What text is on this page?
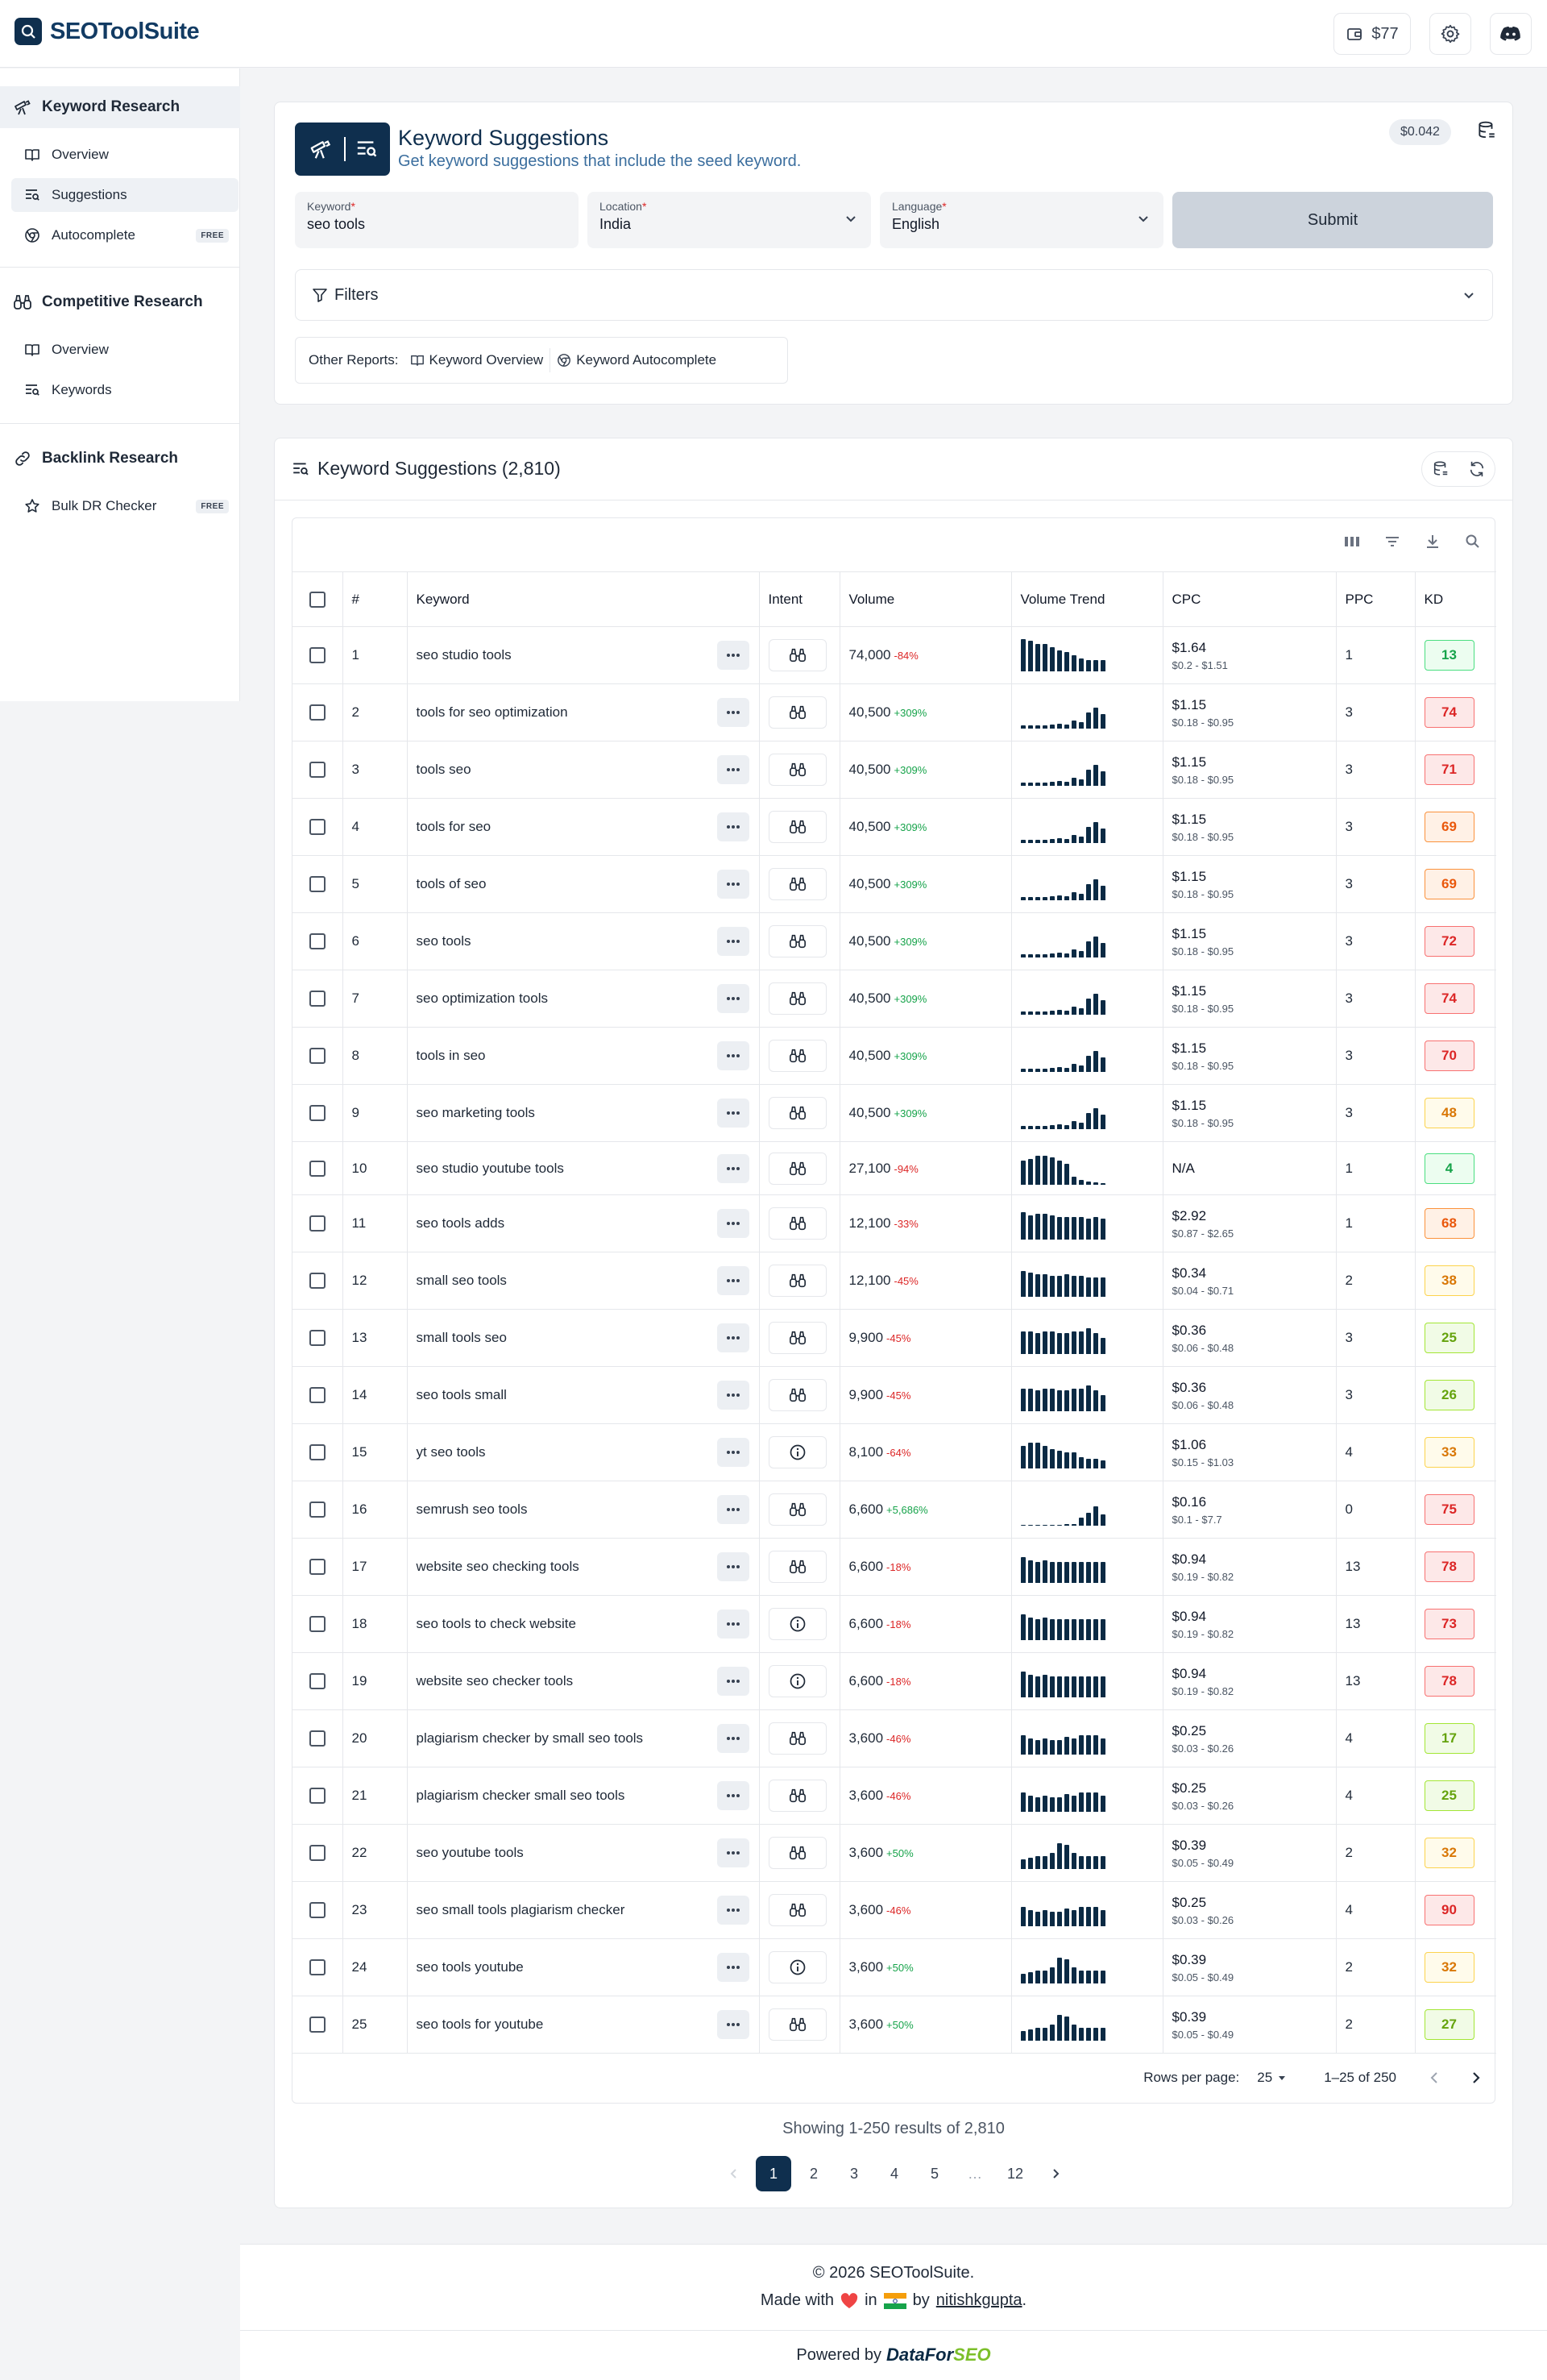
SEOToolSuite	$77
Keyword Research
Overview
Suggestions
Autocomplete	FREE
Competitive Research
Overview
Keywords
Backlink Research
Bulk DR Checker	FREE
Keyword Suggestions
Get keyword suggestions that include the seed keyword.
$0.042
Keyword*
seo tools
Location*
India
Language*
English	Submit
Filters
Other Reports: Keyword Overview Keyword Autocomplete
Keyword Suggestions (2,810)
	#	Keyword	Intent	Volume	Volume Trend	CPC	PPC	KD

	1	seo studio tools		74,000 -84%		$1.64
$0.2 - $1.51	1	13

	2	tools for seo optimization		40,500 +309%		$1.15
$0.18 - $0.95	3	74

	3	tools seo		40,500 +309%		$1.15
$0.18 - $0.95	3	71

	4	tools for seo		40,500 +309%		$1.15
$0.18 - $0.95	3	69

	5	tools of seo		40,500 +309%		$1.15
$0.18 - $0.95	3	69

	6	seo tools		40,500 +309%		$1.15
$0.18 - $0.95	3	72

	7	seo optimization tools		40,500 +309%		$1.15
$0.18 - $0.95	3	74

	8	tools in seo		40,500 +309%		$1.15
$0.18 - $0.95	3	70

	9	seo marketing tools		40,500 +309%		$1.15
$0.18 - $0.95	3	48

	10	seo studio youtube tools		27,100 -94%		N/A	1	4

	11	seo tools adds		12,100 -33%		$2.92
$0.87 - $2.65	1	68

	12	small seo tools		12,100 -45%		$0.34
$0.04 - $0.71	2	38

	13	small tools seo		9,900 -45%		$0.36
$0.06 - $0.48	3	25

	14	seo tools small		9,900 -45%		$0.36
$0.06 - $0.48	3	26

	15	yt seo tools		8,100 -64%		$1.06
$0.15 - $1.03	4	33

	16	semrush seo tools		6,600 +5,686%		$0.16
$0.1 - $7.7	0	75

	17	website seo checking tools		6,600 -18%		$0.94
$0.19 - $0.82	13	78

	18	seo tools to check website		6,600 -18%		$0.94
$0.19 - $0.82	13	73

	19	website seo checker tools		6,600 -18%		$0.94
$0.19 - $0.82	13	78

	20	plagiarism checker by small seo tools		3,600 -46%		$0.25
$0.03 - $0.26	4	17

	21	plagiarism checker small seo tools		3,600 -46%		$0.25
$0.03 - $0.26	4	25

	22	seo youtube tools		3,600 +50%		$0.39
$0.05 - $0.49	2	32

	23	seo small tools plagiarism checker		3,600 -46%		$0.25
$0.03 - $0.26	4	90

	24	seo tools youtube		3,600 +50%		$0.39
$0.05 - $0.49	2	32

	25	seo tools for youtube		3,600 +50%		$0.39
$0.05 - $0.49	2	27
Rows per page: 25	1–25 of 250
Showing 1-250 results of 2,810
1	2	3	4	5	…	12
© 2026 SEOToolSuite.
Made with in by nitishkgupta .
Powered by DataForSEO
